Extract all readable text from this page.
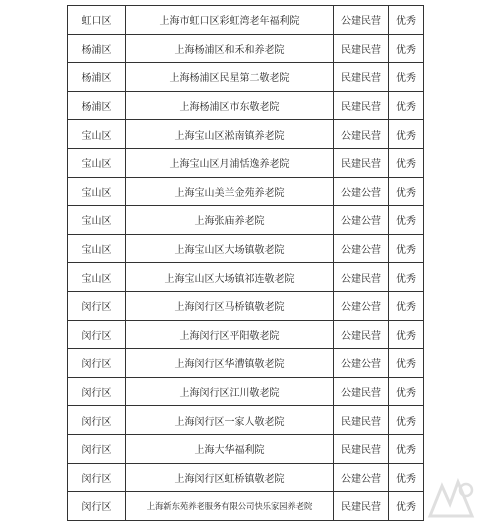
虹口区	上海市虹口区彩虹湾老年福利院	公建民营	优秀
杨浦区	上海杨浦区和禾和养老院	民建民营	优秀
杨浦区	上海杨浦区民星第二敬老院	民建民营	优秀
杨浦区	上海杨浦区市东敬老院	民建民营	优秀
宝山区	上海宝山区淞南镇养老院	公建民营	优秀
宝山区	上海宝山区月浦恬逸养老院	民建民营	优秀
宝山区	上海宝山美兰金苑养老院	公建公营	优秀
宝山区	上海张庙养老院	公建公营	优秀
宝山区	上海宝山区大场镇敬老院	公建公营	优秀
宝山区	上海宝山区大场镇祁连敬老院	公建民营	优秀
闵行区	上海闵行区马桥镇敬老院	公建公营	优秀
闵行区	上海闵行区平阳敬老院	公建民营	优秀
闵行区	上海闵行区华漕镇敬老院	公建公营	优秀
闵行区	上海闵行区江川敬老院	公建民营	优秀
闵行区	上海闵行区一家人敬老院	民建民营	优秀
闵行区	上海大华福利院	民建民营	优秀
闵行区	上海闵行区虹桥镇敬老院	公建公营	优秀
闵行区	上海新东苑养老服务有限公司快乐家园养老院	民建民营	优秀
